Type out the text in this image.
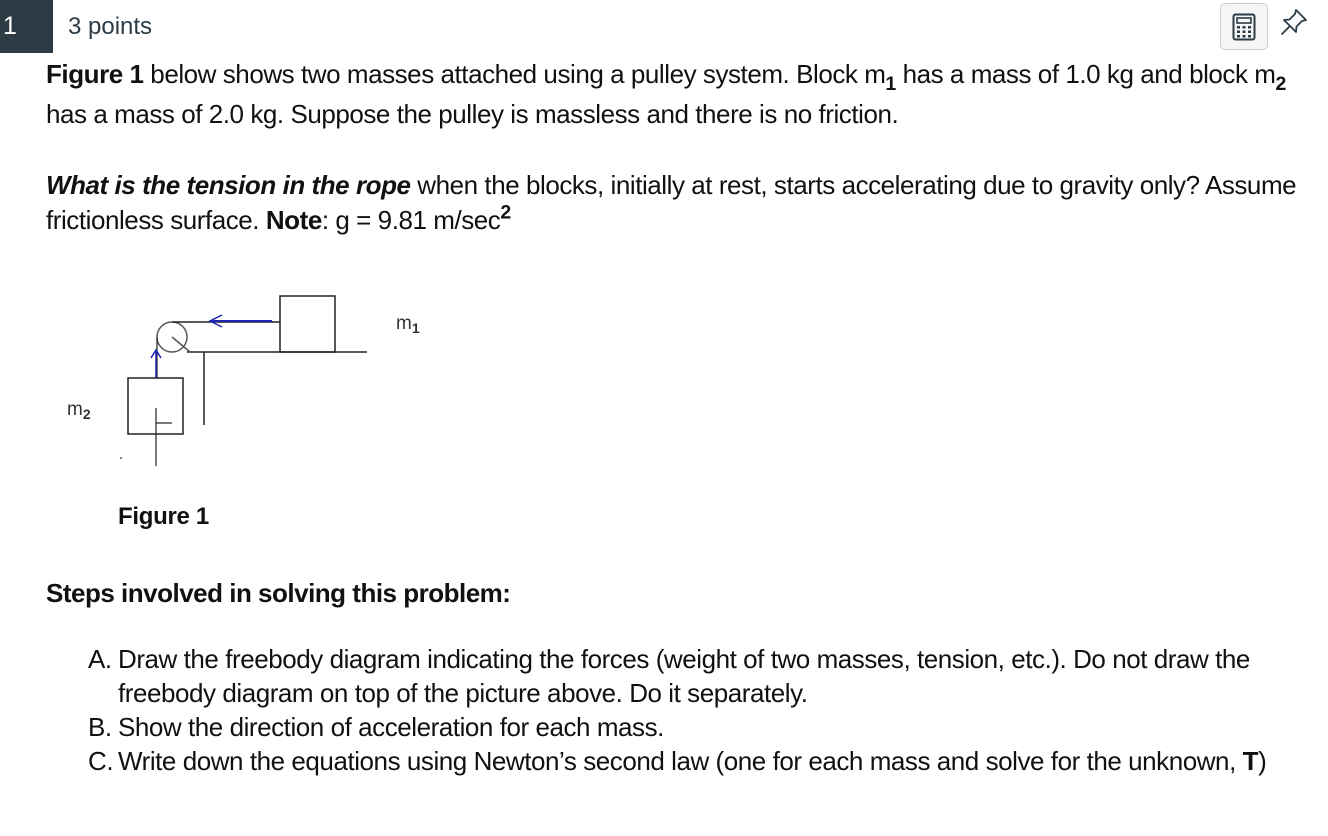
1	3 points
Figure 1 below shows two masses attached using a pulley system. Block $m_1$ has a mass of 1.0 kg and block $m_2$ has a mass of 2.0 kg. Suppose the pulley is massless and there is no friction.
What is the tension in the rope when the blocks, initially at rest, starts accelerating due to gravity only? Assume frictionless surface. Note: g = 9.81 $m/\sec^2$
$m_1$
$m_2$
Figure 1
Steps involved in solving this problem:
A. Draw the freebody diagram indicating the forces (weight of two masses, tension, etc.). Do not draw the freebody diagram on top of the picture above. Do it separately.
B. Show the direction of acceleration for each mass.
C. Write down the equations using Newton’s second law (one for each mass and solve for the unknown, T)
